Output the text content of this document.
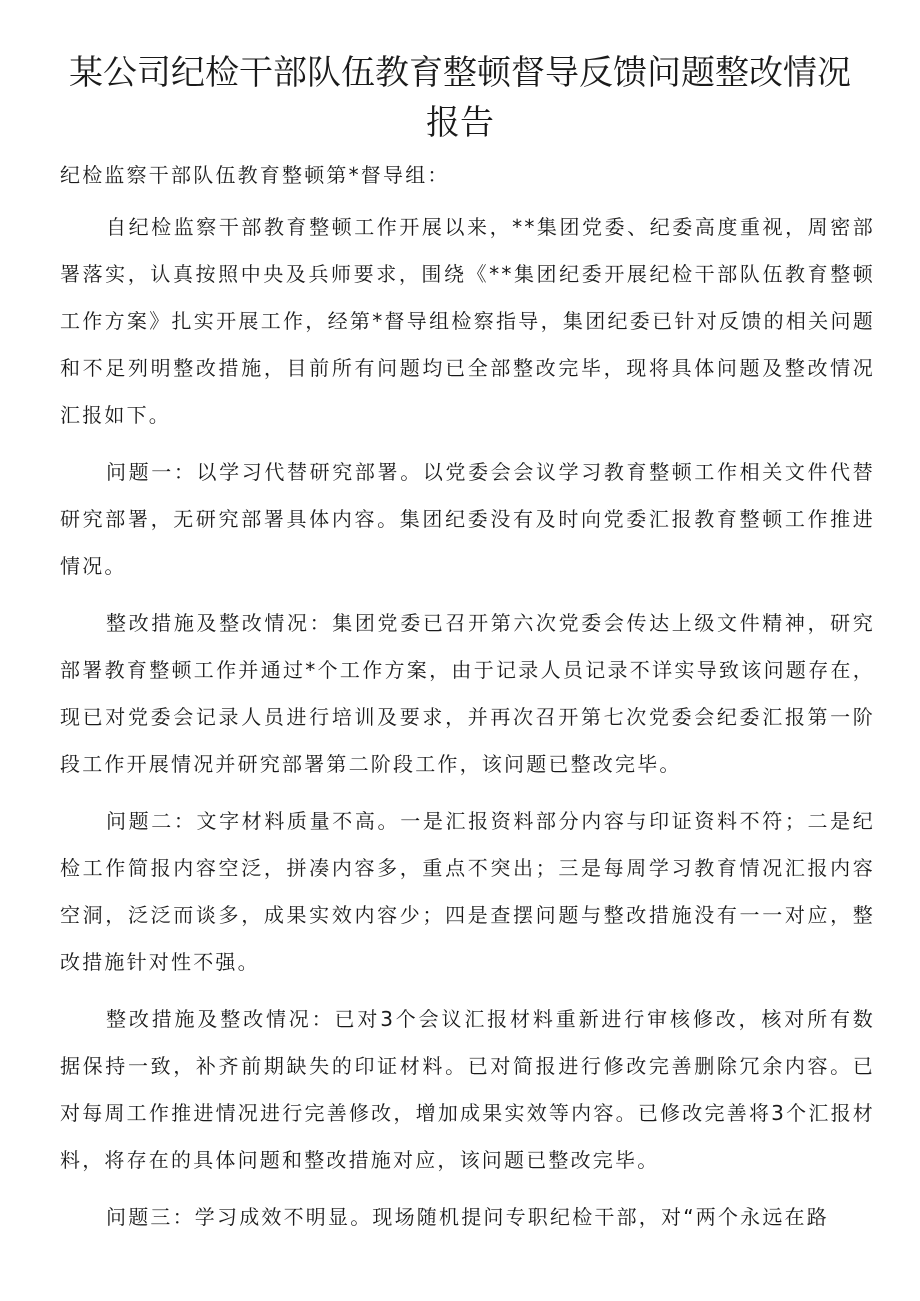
某公司纪检干部队伍教育整顿督导反馈问题整改情况报告

纪检监察干部队伍教育整顿第*督导组：

自纪检监察干部教育整顿工作开展以来，**集团党委、纪委高度重视，周密部署落实，认真按照中央及兵师要求，围绕《**集团纪委开展纪检干部队伍教育整顿工作方案》扎实开展工作，经第*督导组检察指导，集团纪委已针对反馈的相关问题和不足列明整改措施，目前所有问题均已全部整改完毕，现将具体问题及整改情况汇报如下。

问题一：以学习代替研究部署。以党委会会议学习教育整顿工作相关文件代替研究部署，无研究部署具体内容。集团纪委没有及时向党委汇报教育整顿工作推进情况。

整改措施及整改情况：集团党委已召开第六次党委会传达上级文件精神，研究部署教育整顿工作并通过*个工作方案，由于记录人员记录不详实导致该问题存在，现已对党委会记录人员进行培训及要求，并再次召开第七次党委会纪委汇报第一阶段工作开展情况并研究部署第二阶段工作，该问题已整改完毕。

问题二：文字材料质量不高。一是汇报资料部分内容与印证资料不符；二是纪检工作简报内容空泛，拼凑内容多，重点不突出；三是每周学习教育情况汇报内容空洞，泛泛而谈多，成果实效内容少；四是查摆问题与整改措施没有一一对应，整改措施针对性不强。

整改措施及整改情况：已对3个会议汇报材料重新进行审核修改，核对所有数据保持一致，补齐前期缺失的印证材料。已对简报进行修改完善删除冗余内容。已对每周工作推进情况进行完善修改，增加成果实效等内容。已修改完善将3个汇报材料，将存在的具体问题和整改措施对应，该问题已整改完毕。

问题三：学习成效不明显。现场随机提问专职纪检干部，对“两个永远在路
